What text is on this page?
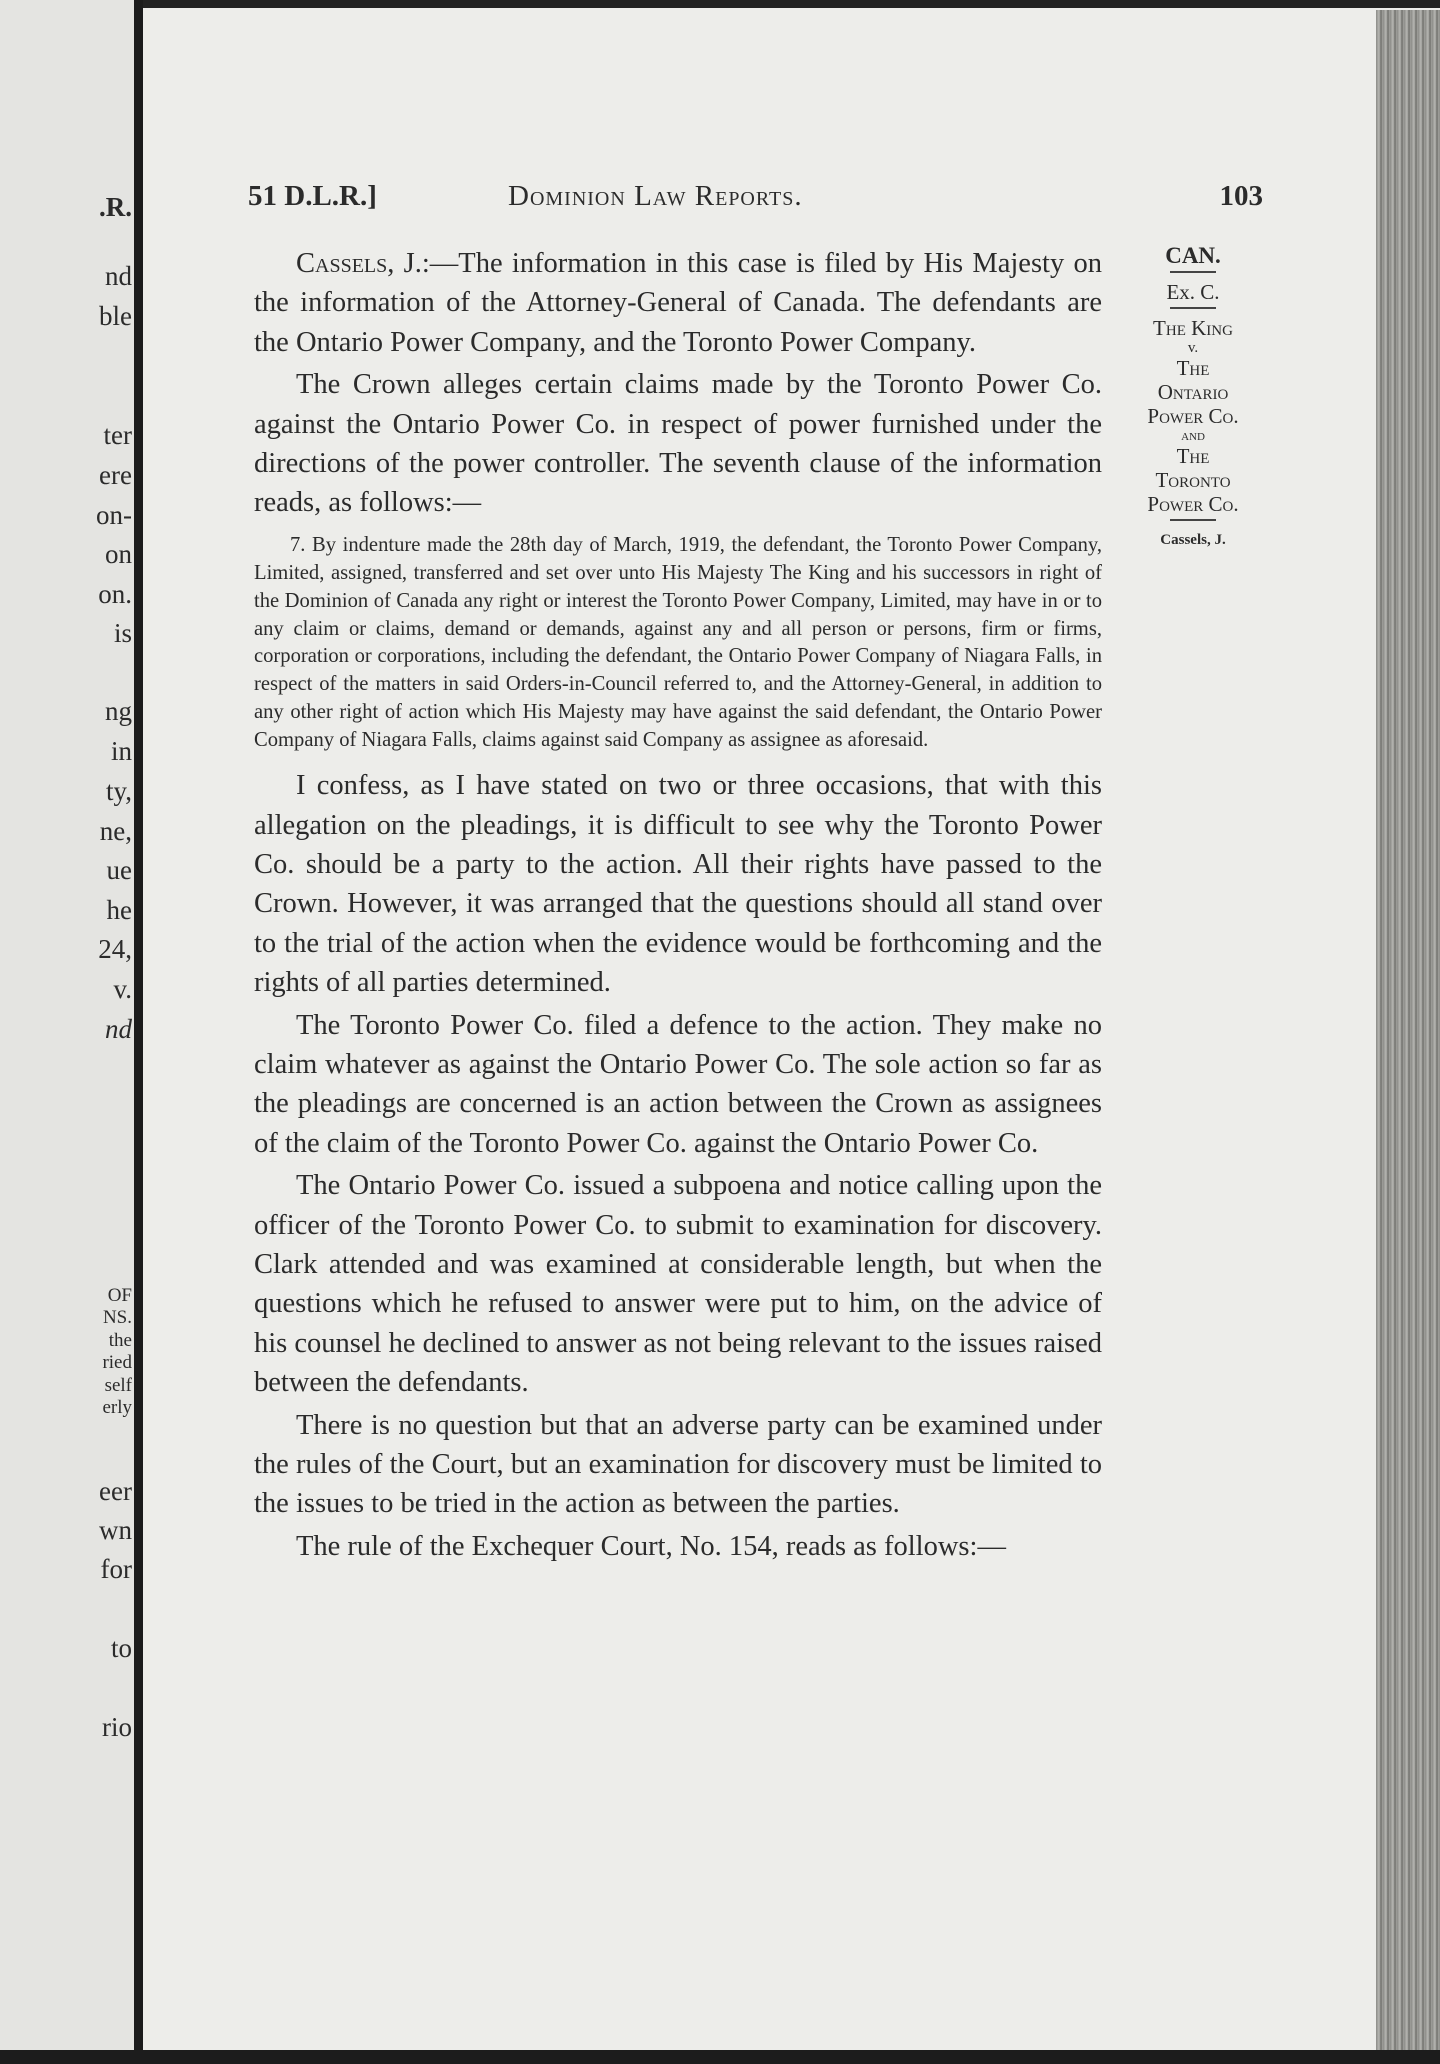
.R.
nd
ble
ter
ere
on-
on
on.
is
ng
in
ty,
ne,
ue
he
24,
v.
nd
OF
NS.
the
ried
self
erly
eer
wn
for
to
rio
51 D.L.R.]	Dominion Law Reports.	103
CAN.
Ex. C.
The King
v.
The
Ontario
Power Co.
and
The
Toronto
Power Co.
Cassels, J.

Cassels, J.:—The information in this case is filed by His Majesty on the information of the Attorney-General of Canada. The defendants are the Ontario Power Company, and the Toronto Power Company.

The Crown alleges certain claims made by the Toronto Power Co. against the Ontario Power Co. in respect of power furnished under the directions of the power controller. The seventh clause of the information reads, as follows:—

7. By indenture made the 28th day of March, 1919, the defendant, the Toronto Power Company, Limited, assigned, transferred and set over unto His Majesty The King and his successors in right of the Dominion of Canada any right or interest the Toronto Power Company, Limited, may have in or to any claim or claims, demand or demands, against any and all person or persons, firm or firms, corporation or corporations, including the defendant, the Ontario Power Company of Niagara Falls, in respect of the matters in said Orders-in-Council referred to, and the Attorney-General, in addition to any other right of action which His Majesty may have against the said defendant, the Ontario Power Company of Niagara Falls, claims against said Company as assignee as aforesaid.

I confess, as I have stated on two or three occasions, that with this allegation on the pleadings, it is difficult to see why the Toronto Power Co. should be a party to the action. All their rights have passed to the Crown. However, it was arranged that the questions should all stand over to the trial of the action when the evidence would be forthcoming and the rights of all parties determined.

The Toronto Power Co. filed a defence to the action. They make no claim whatever as against the Ontario Power Co. The sole action so far as the pleadings are concerned is an action between the Crown as assignees of the claim of the Toronto Power Co. against the Ontario Power Co.

The Ontario Power Co. issued a subpoena and notice calling upon the officer of the Toronto Power Co. to submit to examination for discovery. Clark attended and was examined at considerable length, but when the questions which he refused to answer were put to him, on the advice of his counsel he declined to answer as not being relevant to the issues raised between the defendants.

There is no question but that an adverse party can be examined under the rules of the Court, but an examination for discovery must be limited to the issues to be tried in the action as between the parties.

The rule of the Exchequer Court, No. 154, reads as follows:—
